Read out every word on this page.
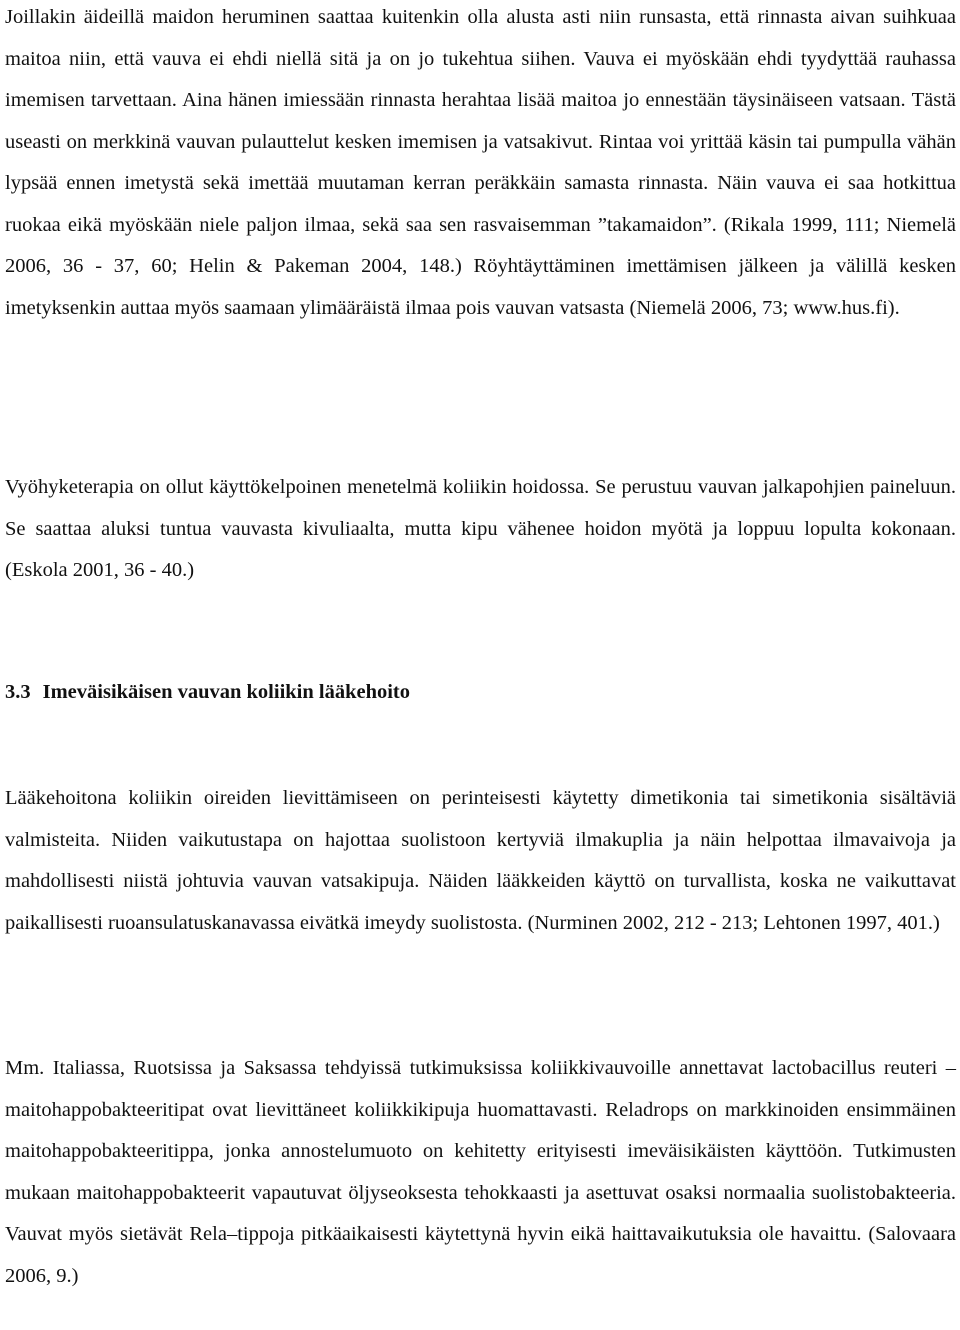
Joillakin äideillä maidon heruminen saattaa kuitenkin olla alusta asti niin runsasta, että rinnasta aivan suihkuaa maitoa niin, että vauva ei ehdi niellä sitä ja on jo tukehtua siihen. Vauva ei myöskään ehdi tyydyttää rauhassa imemisen tarvettaan. Aina hänen imiessään rinnasta herahtaa lisää maitoa jo ennestään täysinäiseen vatsaan. Tästä useasti on merkkinä vauvan pulauttelut kesken imemisen ja vatsakivut. Rintaa voi yrittää käsin tai pumpulla vähän lypsää ennen imetystä sekä imettää muutaman kerran peräkkäin samasta rinnasta. Näin vauva ei saa hotkittua ruokaa eikä myöskään niele paljon ilmaa, sekä saa sen rasvaisemman ”takamaidon”. (Rikala 1999, 111; Niemelä 2006, 36 - 37, 60; Helin & Pakeman 2004, 148.) Röyhtäyttäminen imettämisen jälkeen ja välillä kesken imetyksenkin auttaa myös saamaan ylimääräistä ilmaa pois vauvan vatsasta (Niemelä 2006, 73; www.hus.fi).

Vyöhyketerapia on ollut käyttökelpoinen menetelmä koliikin hoidossa. Se perustuu vauvan jalkapohjien paineluun. Se saattaa aluksi tuntua vauvasta kivuliaalta, mutta kipu vähenee hoidon myötä ja loppuu lopulta kokonaan. (Eskola 2001, 36 - 40.)

3.3 Imeväisikäisen vauvan koliikin lääkehoito

Lääkehoitona koliikin oireiden lievittämiseen on perinteisesti käytetty dimetikonia tai simetikonia sisältäviä valmisteita. Niiden vaikutustapa on hajottaa suolistoon kertyviä ilmakuplia ja näin helpottaa ilmavaivoja ja mahdollisesti niistä johtuvia vauvan vatsakipuja. Näiden lääkkeiden käyttö on turvallista, koska ne vaikuttavat paikallisesti ruoansulatuskanavassa eivätkä imeydy suolistosta. (Nurminen 2002, 212 - 213; Lehtonen 1997, 401.)

Mm. Italiassa, Ruotsissa ja Saksassa tehdyissä tutkimuksissa koliikkivauvoille annettavat lactobacillus reuteri –maitohappobakteeritipat ovat lievittäneet koliikkikipuja huomattavasti. Reladrops on markkinoiden ensimmäinen maitohappobakteeritippa, jonka annostelumuoto on kehitetty erityisesti imeväisikäisten käyttöön. Tutkimusten mukaan maitohappobakteerit vapautuvat öljyseoksesta tehokkaasti ja asettuvat osaksi normaalia suolistobakteeria. Vauvat myös sietävät Rela–tippoja pitkäaikaisesti käytettynä hyvin eikä haittavaikutuksia ole havaittu. (Salovaara 2006, 9.)
